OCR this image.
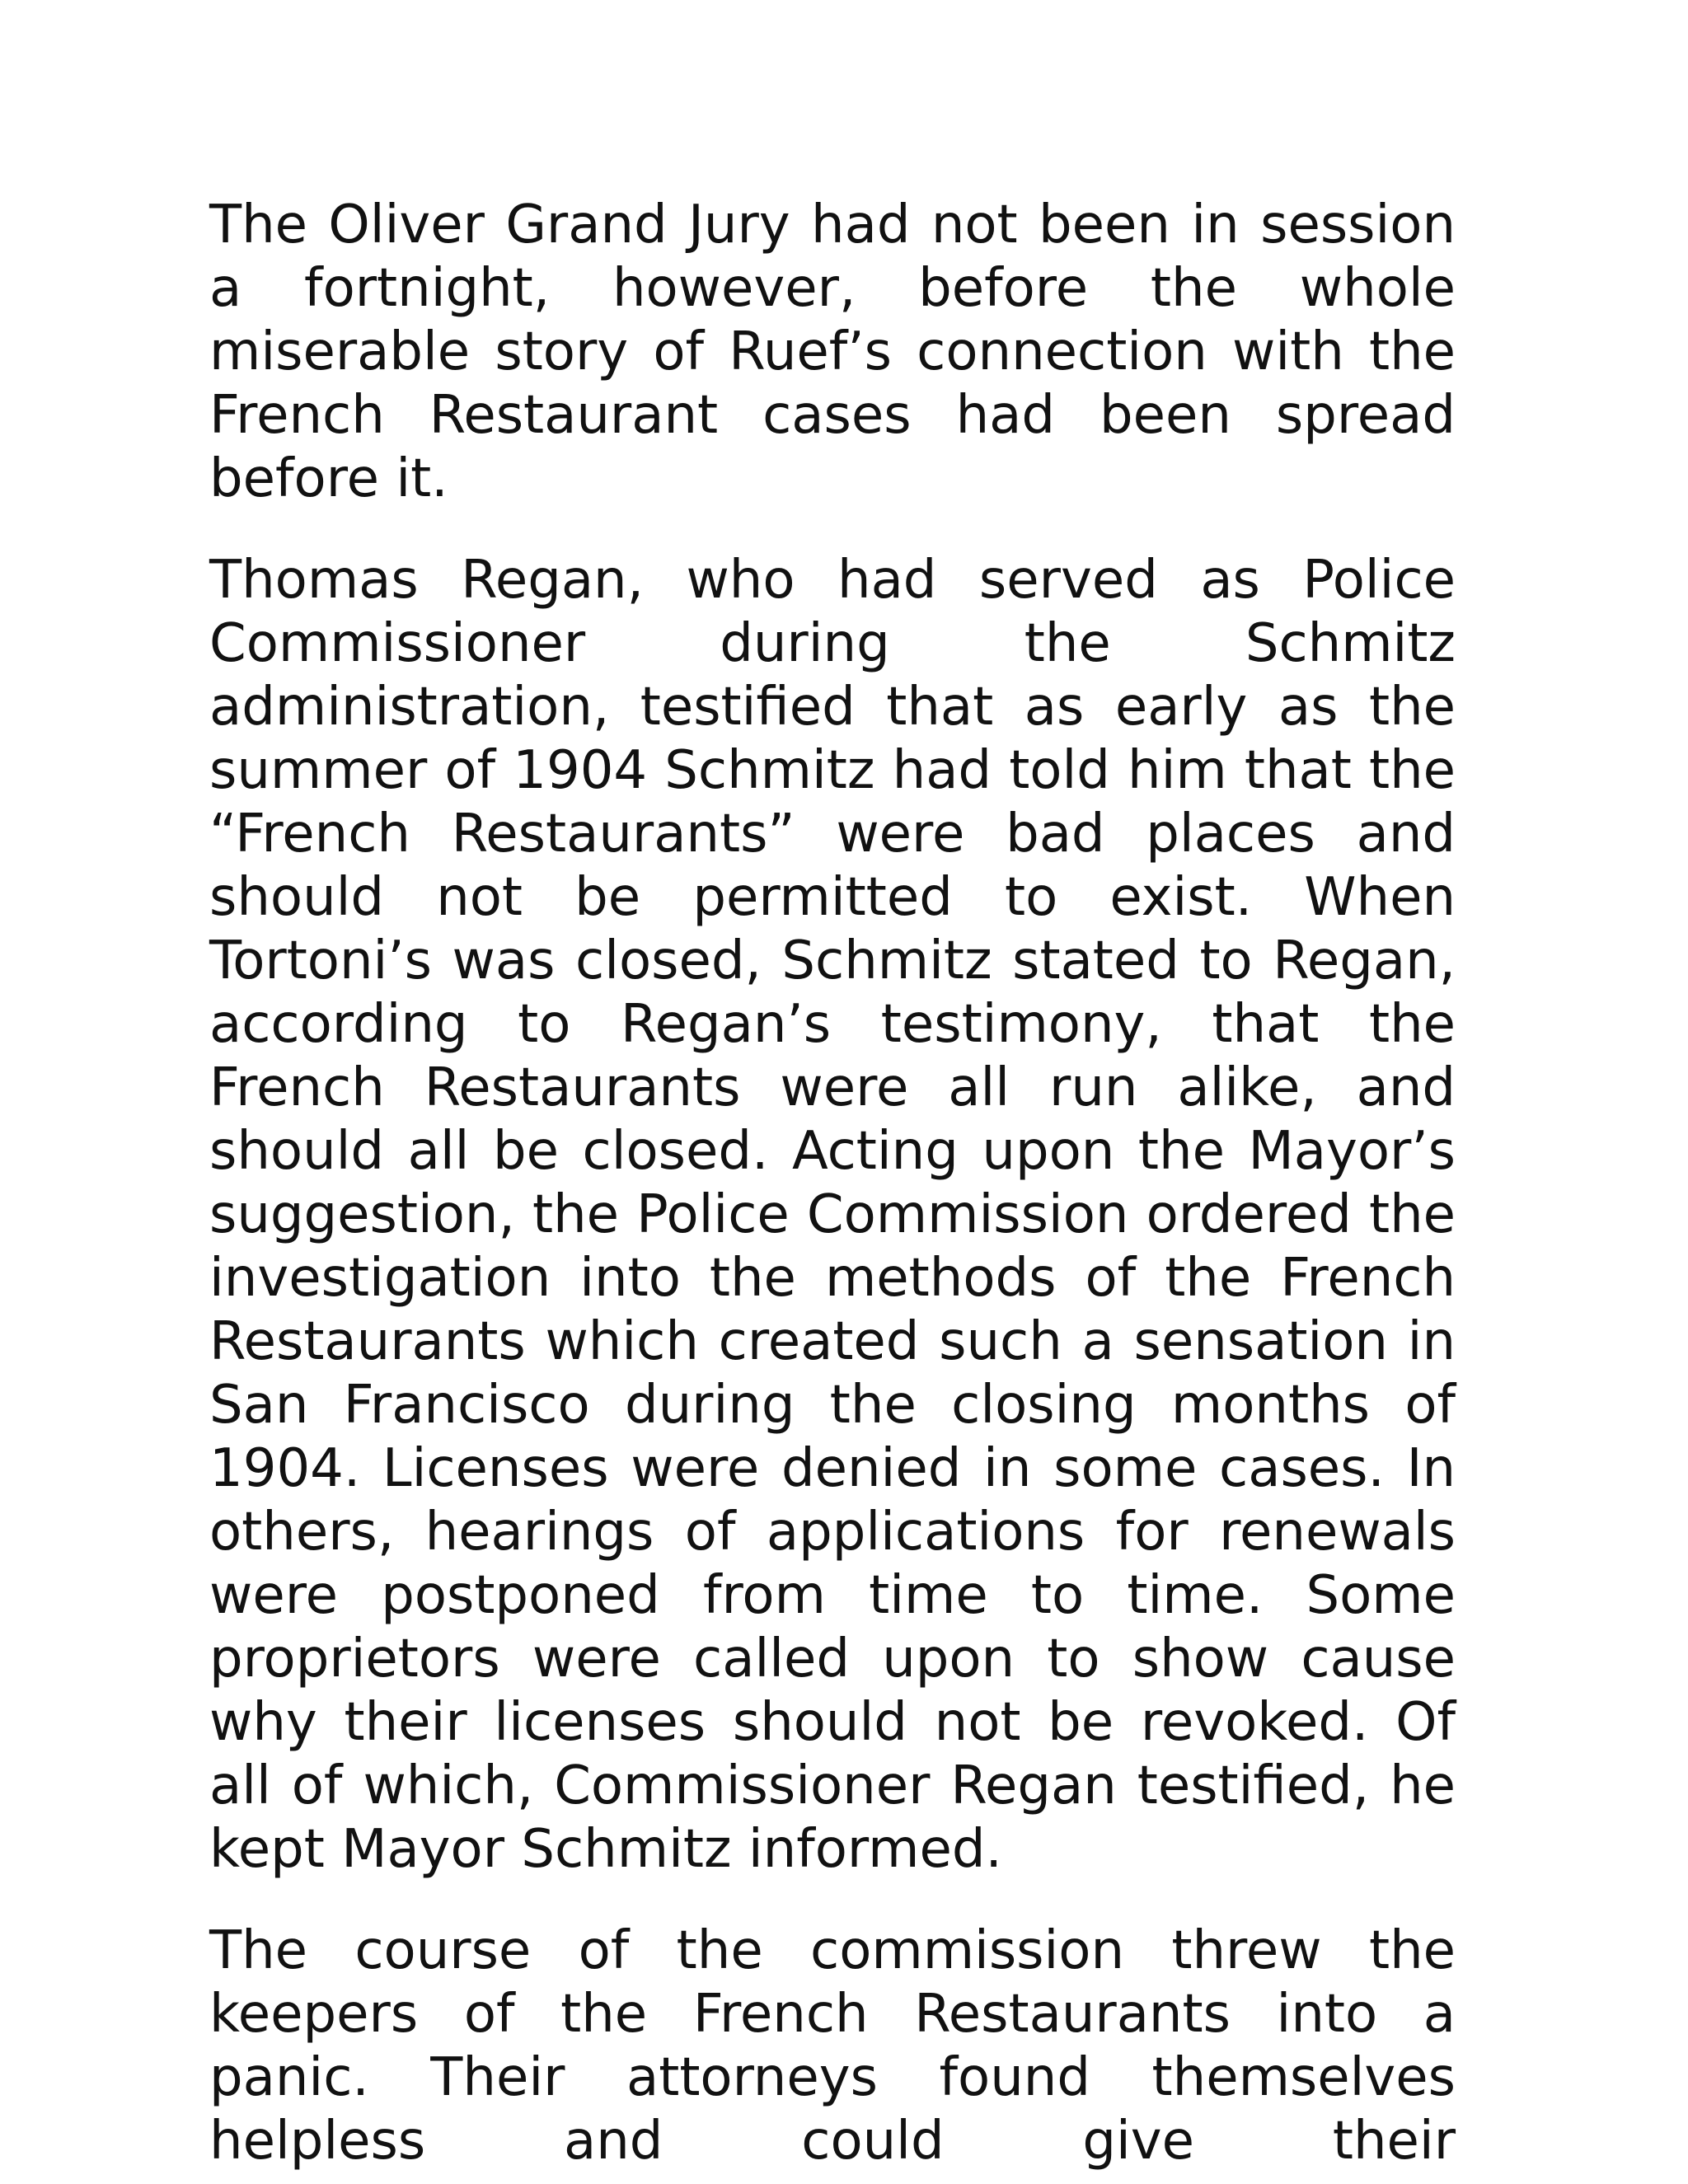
The Oliver Grand Jury had not been in session a fortnight, however, before the whole miserable story of Ruef’s connection with the French Restaurant cases had been spread before it.

Thomas Regan, who had served as Police Commissioner during the Schmitz administration, testified that as early as the summer of 1904 Schmitz had told him that the “French Restaurants” were bad places and should not be permitted to exist. When Tortoni’s was closed, Schmitz stated to Regan, according to Regan’s testimony, that the French Restaurants were all run alike, and should all be closed. Acting upon the Mayor’s suggestion, the Police Commission ordered the investigation into the methods of the French Restaurants which created such a sensation in San Francisco during the closing months of 1904. Licenses were denied in some cases. In others, hearings of applications for renewals were postponed from time to time. Some proprietors were called upon to show cause why their licenses should not be revoked. Of all of which, Commissioner Regan testified, he kept Mayor Schmitz informed.

The course of the commission threw the keepers of the French Restaurants into a panic. Their attorneys found themselves helpless and could give their
